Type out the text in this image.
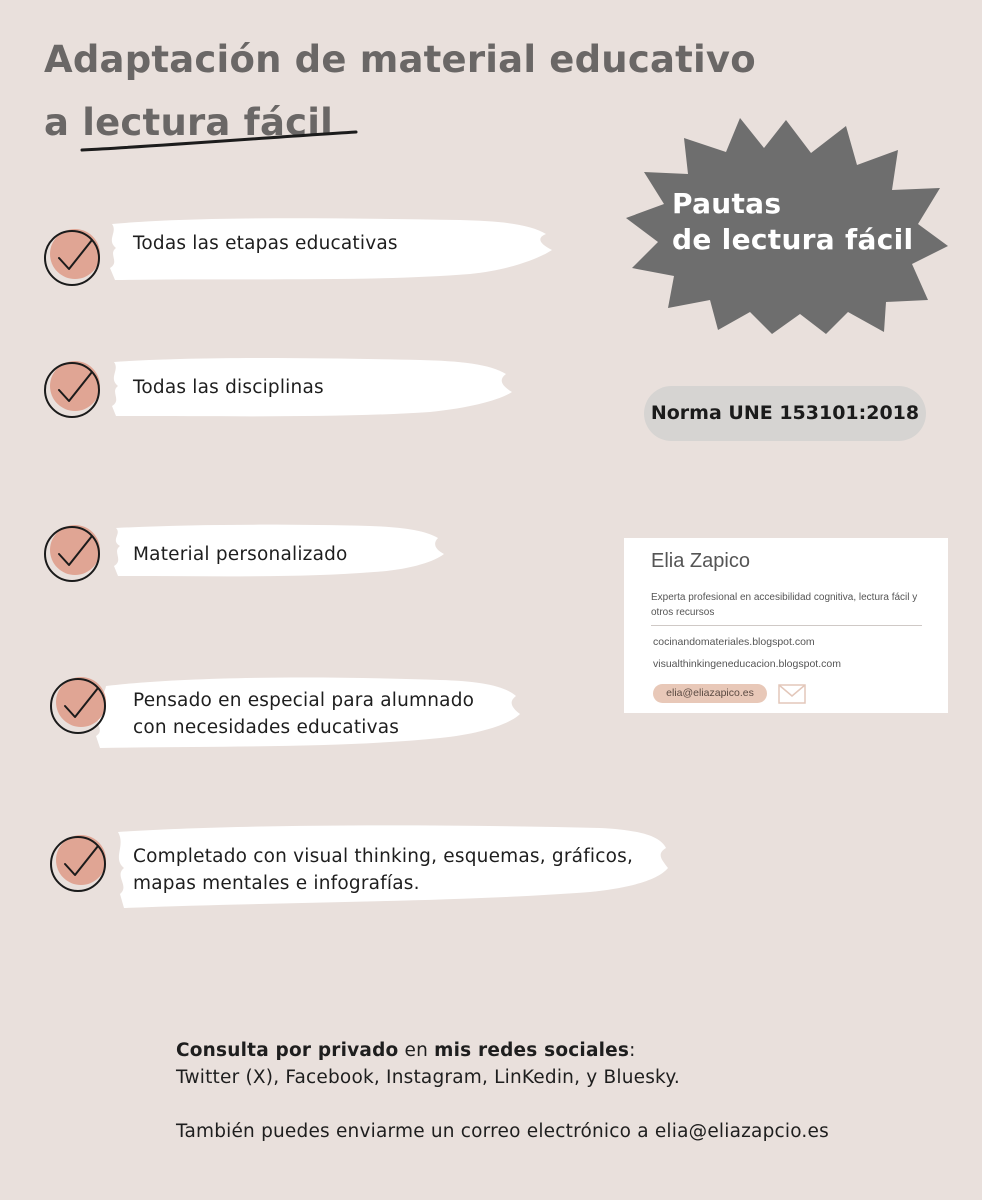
Adaptación de material educativo
a lectura fácil
Todas las etapas educativas
Todas las disciplinas
Material personalizado
Pensado en especial para alumnado
con necesidades educativas
Completado con visual thinking, esquemas, gráficos,
mapas mentales e infografías.
Pautas
de lectura fácil
Norma UNE 153101:2018
Elia Zapico
Experta profesional en accesibilidad cognitiva, lectura fácil y otros recursos
cocinandomateriales.blogspot.com
visualthinkingeneducacion.blogspot.com
elia@eliazapico.es

Consulta por privado en mis redes sociales:

Twitter (X), Facebook, Instagram, LinKedin, y Bluesky.

También puedes enviarme un correo electrónico a elia@eliazapcio.es
